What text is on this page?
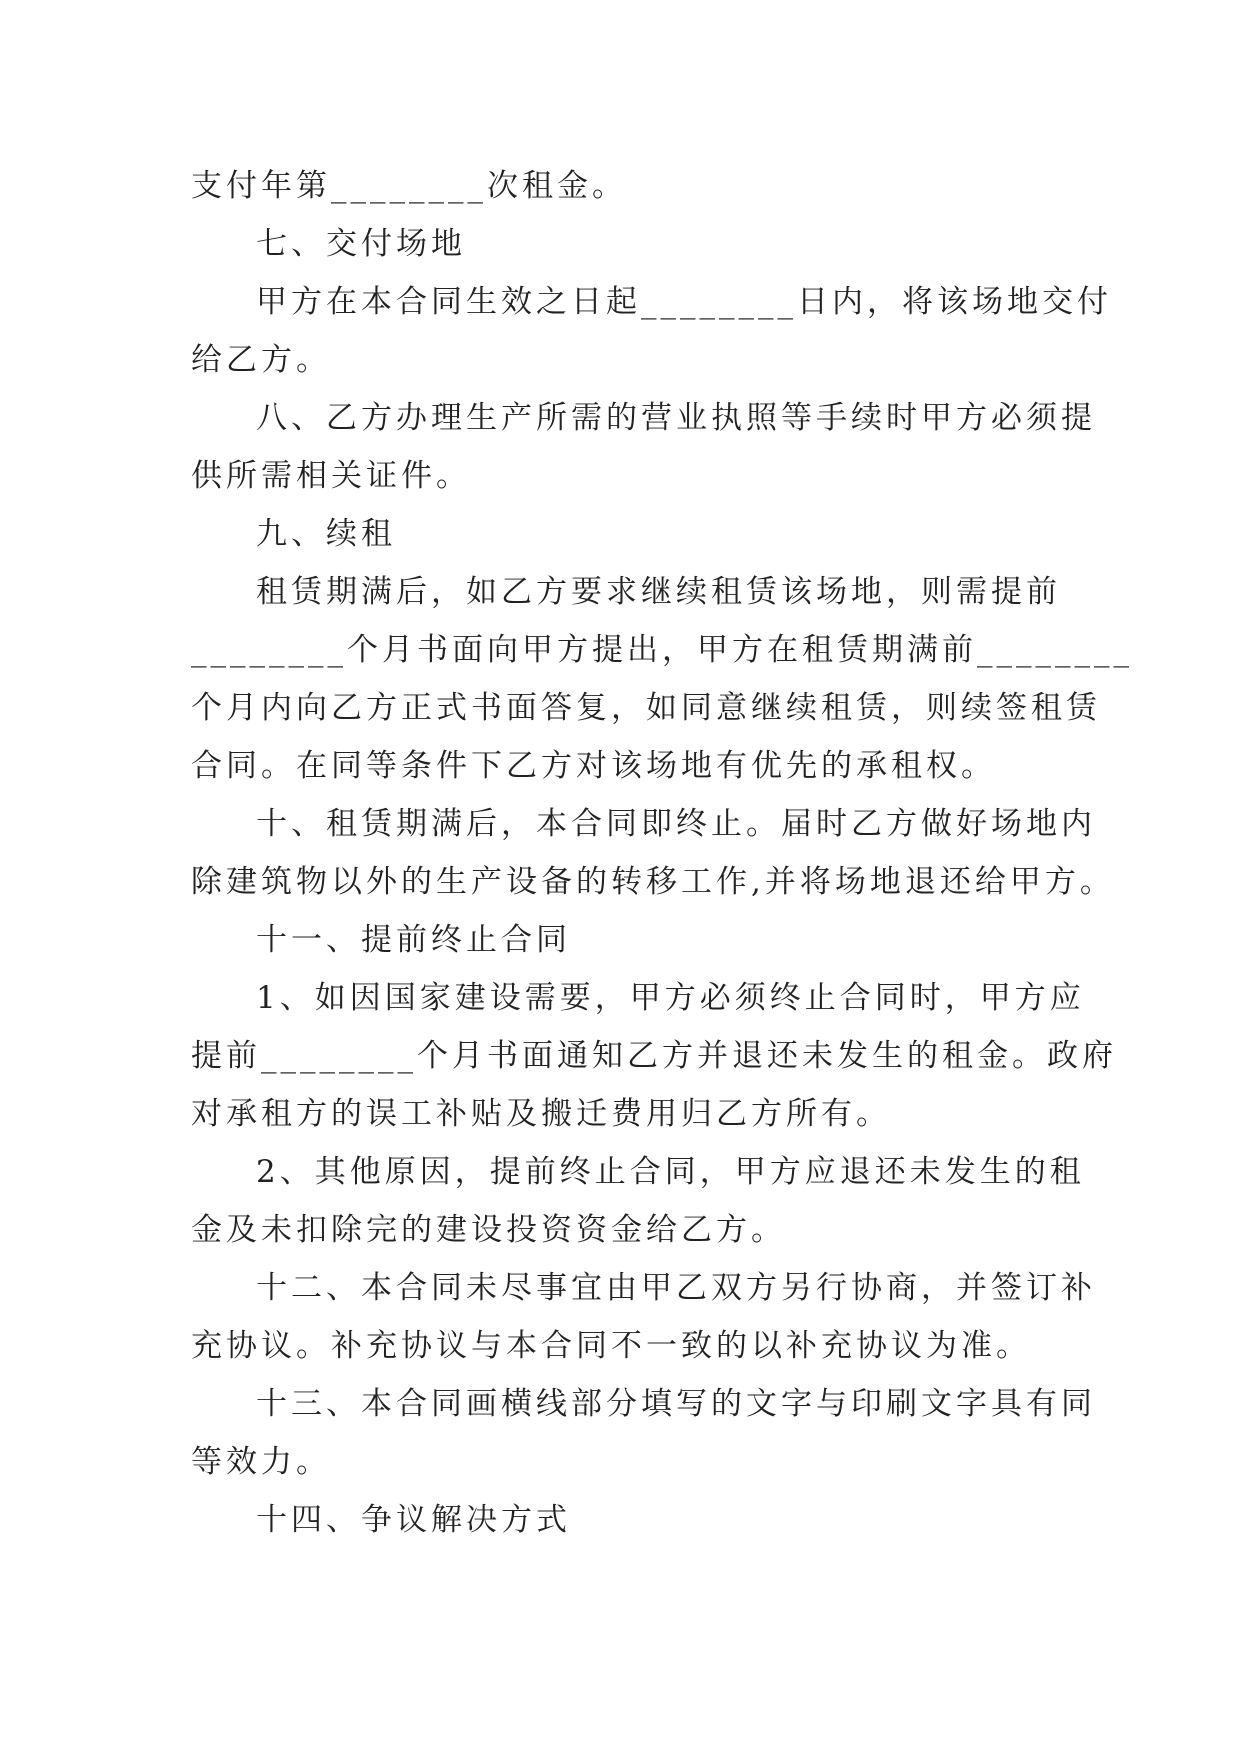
支付年第________次租金。
七、交付场地
甲方在本合同生效之日起________日内，将该场地交付
给乙方。
八、乙方办理生产所需的营业执照等手续时甲方必须提
供所需相关证件。
九、续租
租赁期满后，如乙方要求继续租赁该场地，则需提前
________个月书面向甲方提出，甲方在租赁期满前________
个月内向乙方正式书面答复，如同意继续租赁，则续签租赁
合同。在同等条件下乙方对该场地有优先的承租权。
十、租赁期满后，本合同即终止。届时乙方做好场地内
除建筑物以外的生产设备的转移工作,并将场地退还给甲方。
十一、提前终止合同
1、如因国家建设需要，甲方必须终止合同时，甲方应
提前________个月书面通知乙方并退还未发生的租金。政府
对承租方的误工补贴及搬迁费用归乙方所有。
2、其他原因，提前终止合同，甲方应退还未发生的租
金及未扣除完的建设投资资金给乙方。
十二、本合同未尽事宜由甲乙双方另行协商，并签订补
充协议。补充协议与本合同不一致的以补充协议为准。
十三、本合同画横线部分填写的文字与印刷文字具有同
等效力。
十四、争议解决方式
